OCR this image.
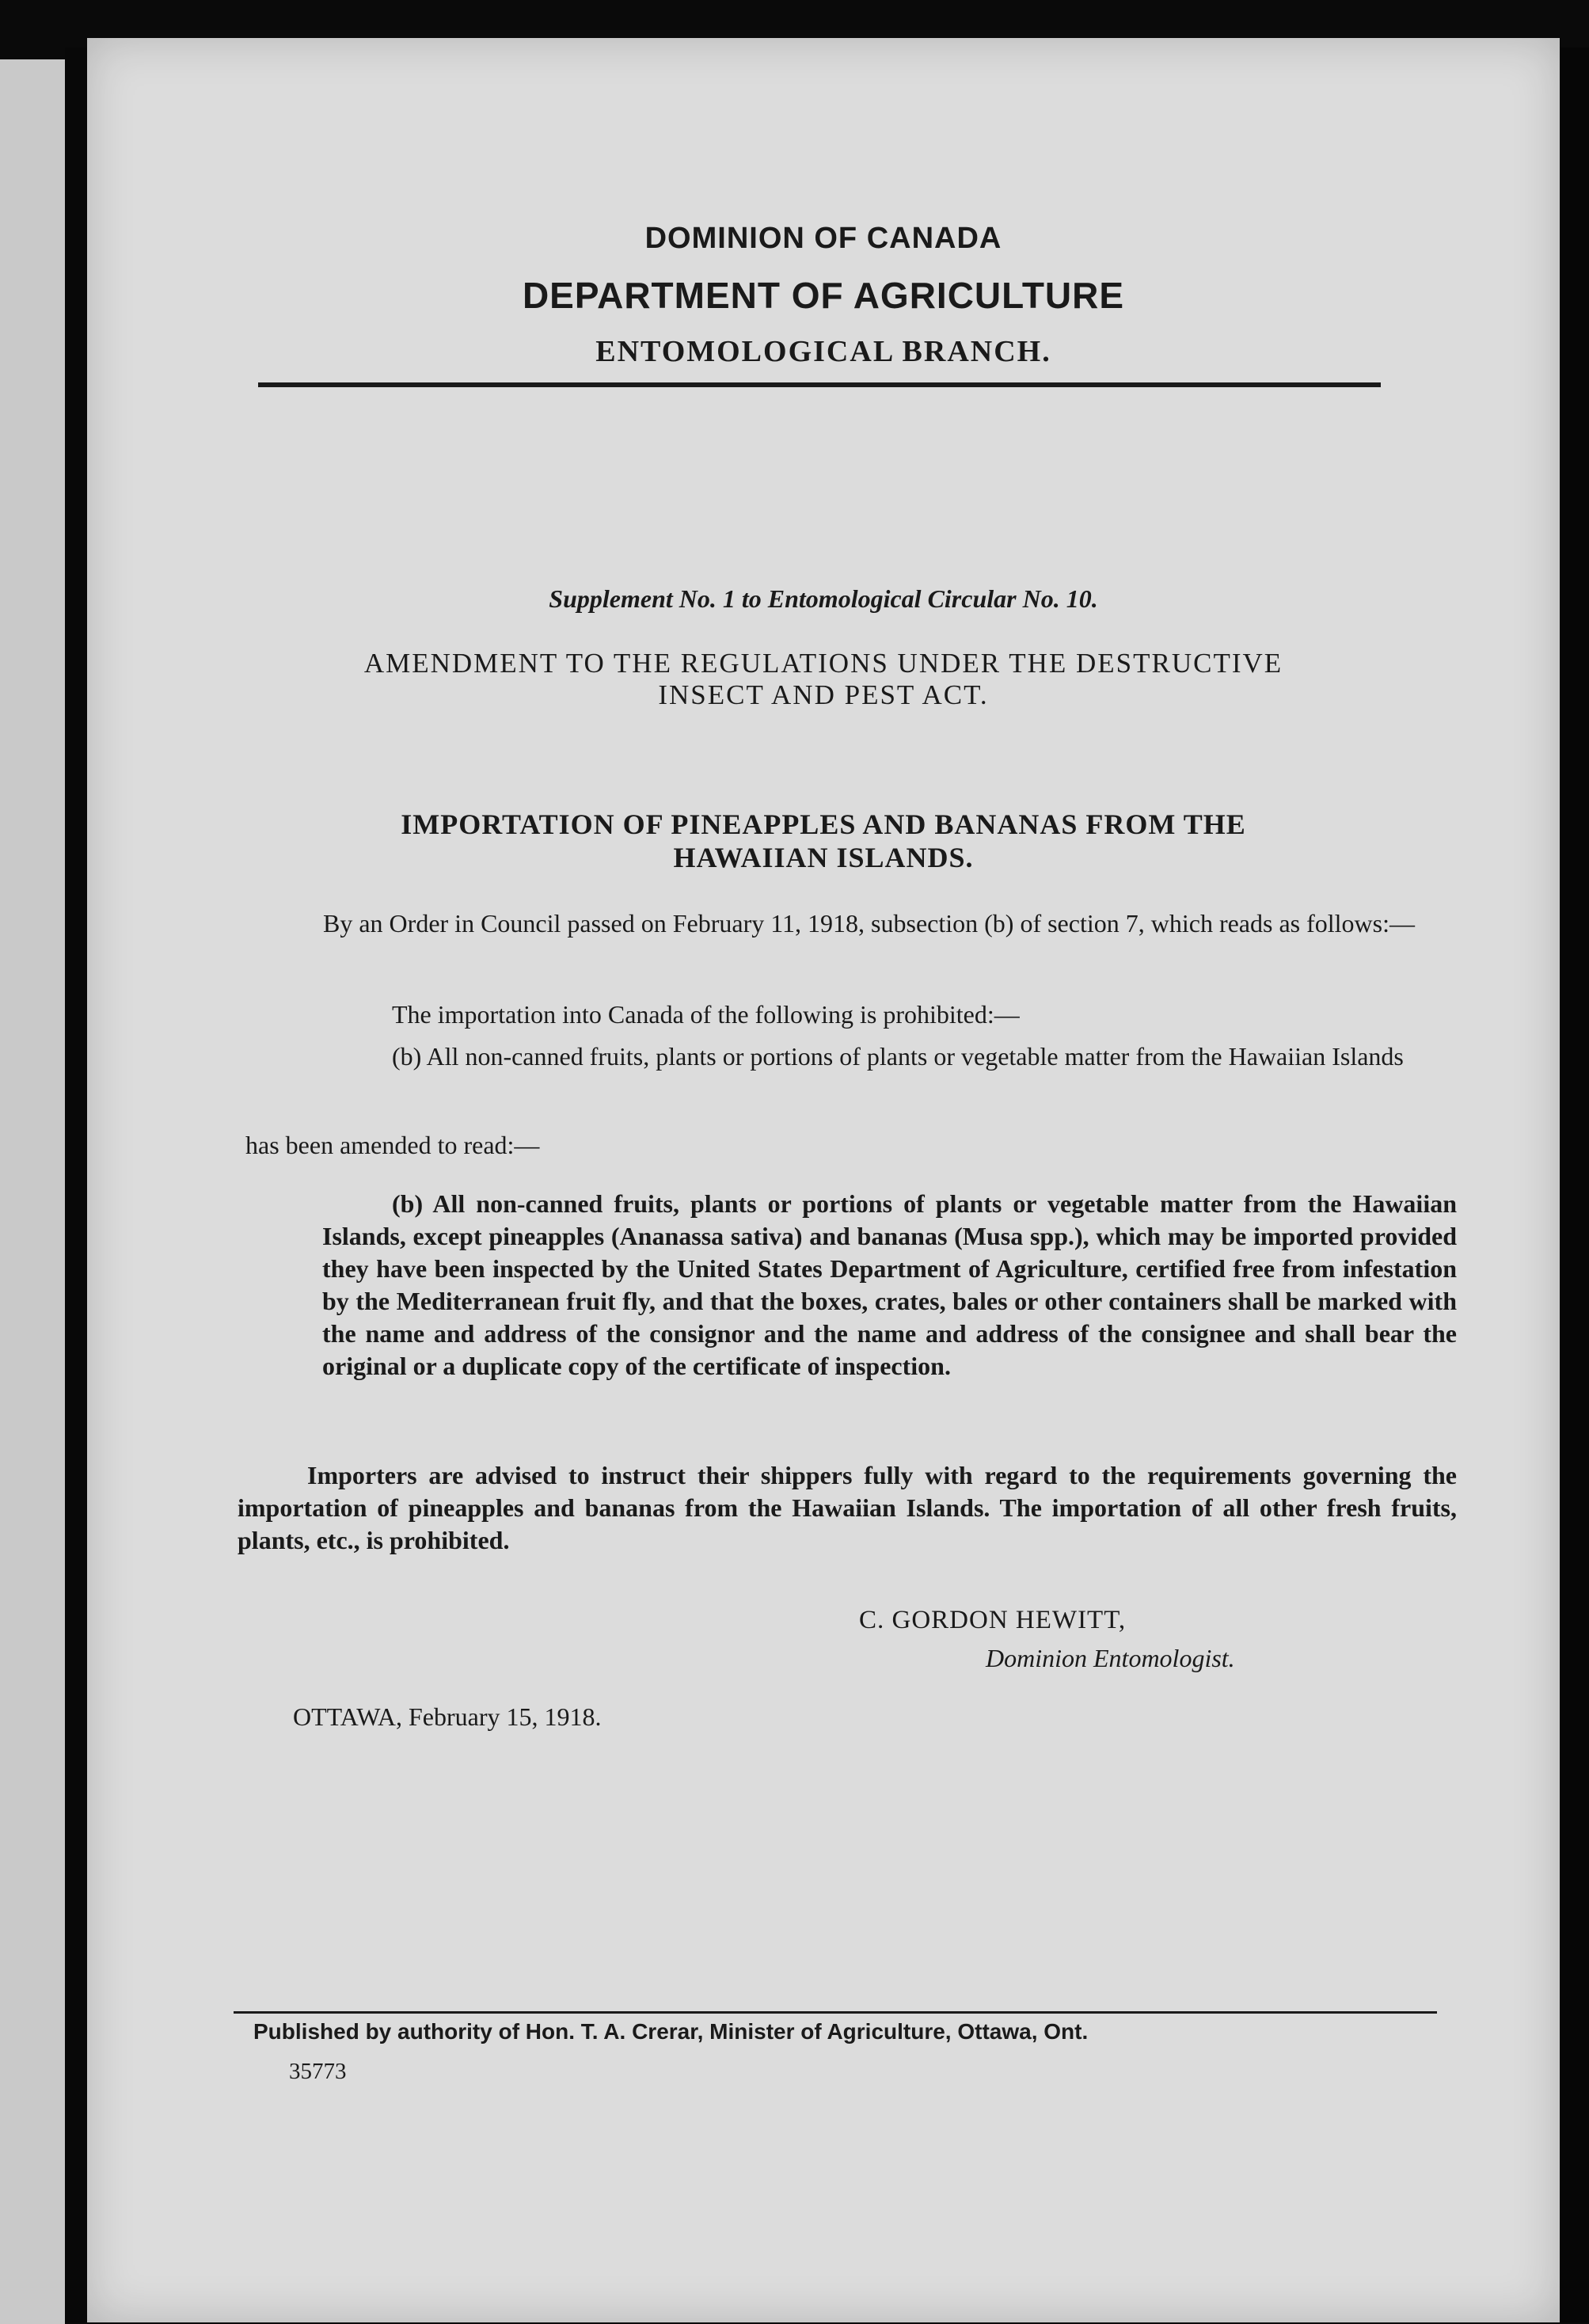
DOMINION OF CANADA
DEPARTMENT OF AGRICULTURE
ENTOMOLOGICAL BRANCH.
Supplement No. 1 to Entomological Circular No. 10.
AMENDMENT TO THE REGULATIONS UNDER THE DESTRUCTIVE
INSECT AND PEST ACT.
IMPORTATION OF PINEAPPLES AND BANANAS FROM THE
HAWAIIAN ISLANDS.

By an Order in Council passed on February 11, 1918, subsection (b) of section 7, which reads as follows:—

The importation into Canada of the following is prohibited:—

(b) All non-canned fruits, plants or portions of plants or vegetable matter from the Hawaiian Islands

has been amended to read:—

(b) All non-canned fruits, plants or portions of plants or vegetable matter from the Hawaiian Islands, except pineapples (Ananassa sativa) and bananas (Musa spp.), which may be imported provided they have been inspected by the United States Department of Agriculture, certified free from infestation by the Mediterranean fruit fly, and that the boxes, crates, bales or other containers shall be marked with the name and address of the consignor and the name and address of the consignee and shall bear the original or a duplicate copy of the certificate of inspection.

Importers are advised to instruct their shippers fully with regard to the requirements governing the importation of pineapples and bananas from the Hawaiian Islands. The importation of all other fresh fruits, plants, etc., is prohibited.

C. GORDON HEWITT,
Dominion Entomologist.
OTTAWA, February 15, 1918.
Published by authority of Hon. T. A. Crerar, Minister of Agriculture, Ottawa, Ont.
35773
